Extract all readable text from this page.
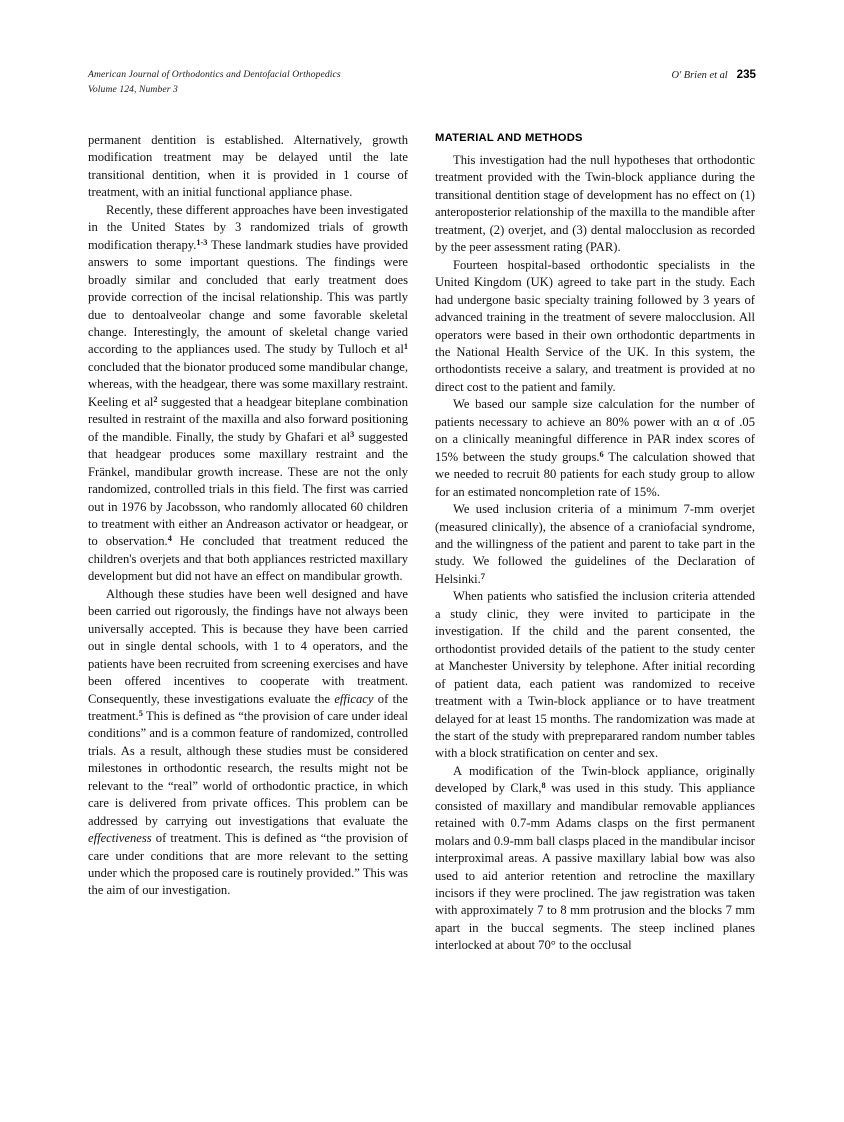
American Journal of Orthodontics and Dentofacial Orthopedics
Volume 124, Number 3
O' Brien et al 235

permanent dentition is established. Alternatively, growth modification treatment may be delayed until the late transitional dentition, when it is provided in 1 course of treatment, with an initial functional appliance phase.

Recently, these different approaches have been investigated in the United States by 3 randomized trials of growth modification therapy.$^{1-3}$ These landmark studies have provided answers to some important questions. The findings were broadly similar and concluded that early treatment does provide correction of the incisal relationship. This was partly due to dentoalveolar change and some favorable skeletal change. Interestingly, the amount of skeletal change varied according to the appliances used. The study by Tulloch et $al^1$ concluded that the bionator produced some mandibular change, whereas, with the headgear, there was some maxillary restraint. Keeling et $al^2$ suggested that a headgear biteplane combination resulted in restraint of the maxilla and also forward positioning of the mandible. Finally, the study by Ghafari et $al^3$ suggested that headgear produces some maxillary restraint and the Fränkel, mandibular growth increase. These are not the only randomized, controlled trials in this field. The first was carried out in 1976 by Jacobsson, who randomly allocated 60 children to treatment with either an Andreason activator or headgear, or to observation.$^4$ He concluded that treatment reduced the children's overjets and that both appliances restricted maxillary development but did not have an effect on mandibular growth.

Although these studies have been well designed and have been carried out rigorously, the findings have not always been universally accepted. This is because they have been carried out in single dental schools, with 1 to 4 operators, and the patients have been recruited from screening exercises and have been offered incentives to cooperate with treatment. Consequently, these investigations evaluate the efficacy of the treatment.$^5$ This is defined as “the provision of care under ideal conditions” and is a common feature of randomized, controlled trials. As a result, although these studies must be considered milestones in orthodontic research, the results might not be relevant to the “real” world of orthodontic practice, in which care is delivered from private offices. This problem can be addressed by carrying out investigations that evaluate the effectiveness of treatment. This is defined as “the provision of care under conditions that are more relevant to the setting under which the proposed care is routinely provided.” This was the aim of our investigation.

MATERIAL AND METHODS

This investigation had the null hypotheses that orthodontic treatment provided with the Twin-block appliance during the transitional dentition stage of development has no effect on (1) anteroposterior relationship of the maxilla to the mandible after treatment, (2) overjet, and (3) dental malocclusion as recorded by the peer assessment rating (PAR).

Fourteen hospital-based orthodontic specialists in the United Kingdom (UK) agreed to take part in the study. Each had undergone basic specialty training followed by 3 years of advanced training in the treatment of severe malocclusion. All operators were based in their own orthodontic departments in the National Health Service of the UK. In this system, the orthodontists receive a salary, and treatment is provided at no direct cost to the patient and family.

We based our sample size calculation for the number of patients necessary to achieve an 80% power with an α of .05 on a clinically meaningful difference in PAR index scores of 15% between the study groups.$^6$ The calculation showed that we needed to recruit 80 patients for each study group to allow for an estimated noncompletion rate of 15%.

We used inclusion criteria of a minimum 7-mm overjet (measured clinically), the absence of a craniofacial syndrome, and the willingness of the patient and parent to take part in the study. We followed the guidelines of the Declaration of Helsinki.$^7$

When patients who satisfied the inclusion criteria attended a study clinic, they were invited to participate in the investigation. If the child and the parent consented, the orthodontist provided details of the patient to the study center at Manchester University by telephone. After initial recording of patient data, each patient was randomized to receive treatment with a Twin-block appliance or to have treatment delayed for at least 15 months. The randomization was made at the start of the study with prepreparared random number tables with a block stratification on center and sex.

A modification of the Twin-block appliance, originally developed by Clark,$^8$ was used in this study. This appliance consisted of maxillary and mandibular removable appliances retained with 0.7-mm Adams clasps on the first permanent molars and 0.9-mm ball clasps placed in the mandibular incisor interproximal areas. A passive maxillary labial bow was also used to aid anterior retention and retrocline the maxillary incisors if they were proclined. The jaw registration was taken with approximately 7 to 8 mm protrusion and the blocks 7 mm apart in the buccal segments. The steep inclined planes interlocked at about 70° to the occlusal
